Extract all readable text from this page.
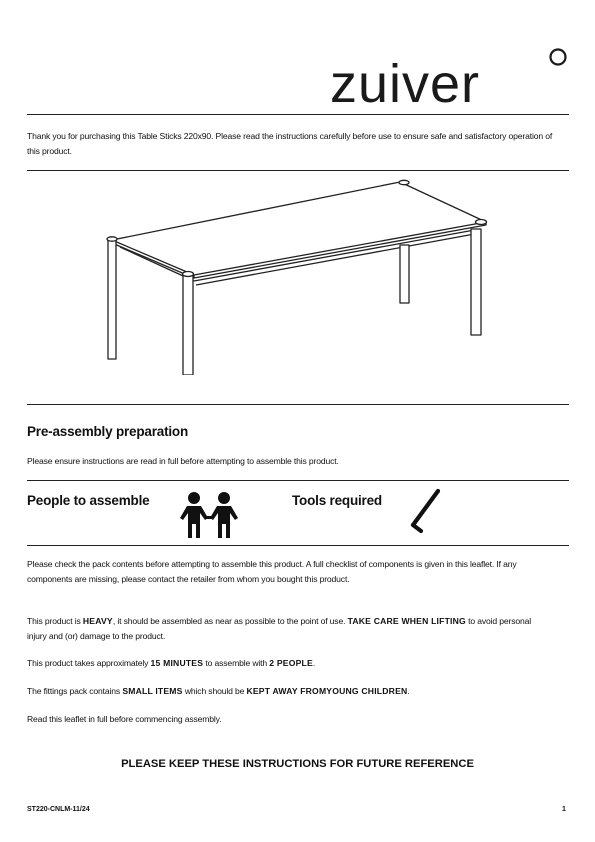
zuiver
Thank you for purchasing this Table Sticks 220x90. Please read the instructions carefully before use to ensure safe and satisfactory operation of this product.
Pre-assembly preparation
Please ensure instructions are read in full before attempting to assemble this product.
People to assemble	Tools required
Please check the pack contents before attempting to assemble this product. A full checklist of components is given in this leaflet. If any components are missing, please contact the retailer from whom you bought this product.
This product is HEAVY, it should be assembled as near as possible to the point of use. TAKE CARE WHEN LIFTING to avoid personal injury and (or) damage to the product.
This product takes approximately 15 MINUTES to assemble with 2 PEOPLE.
The fittings pack contains SMALL ITEMS which should be KEPT AWAY FROMYOUNG CHILDREN.
Read this leaflet in full before commencing assembly.
PLEASE KEEP THESE INSTRUCTIONS FOR FUTURE REFERENCE
ST220-CNLM-11/24	1
